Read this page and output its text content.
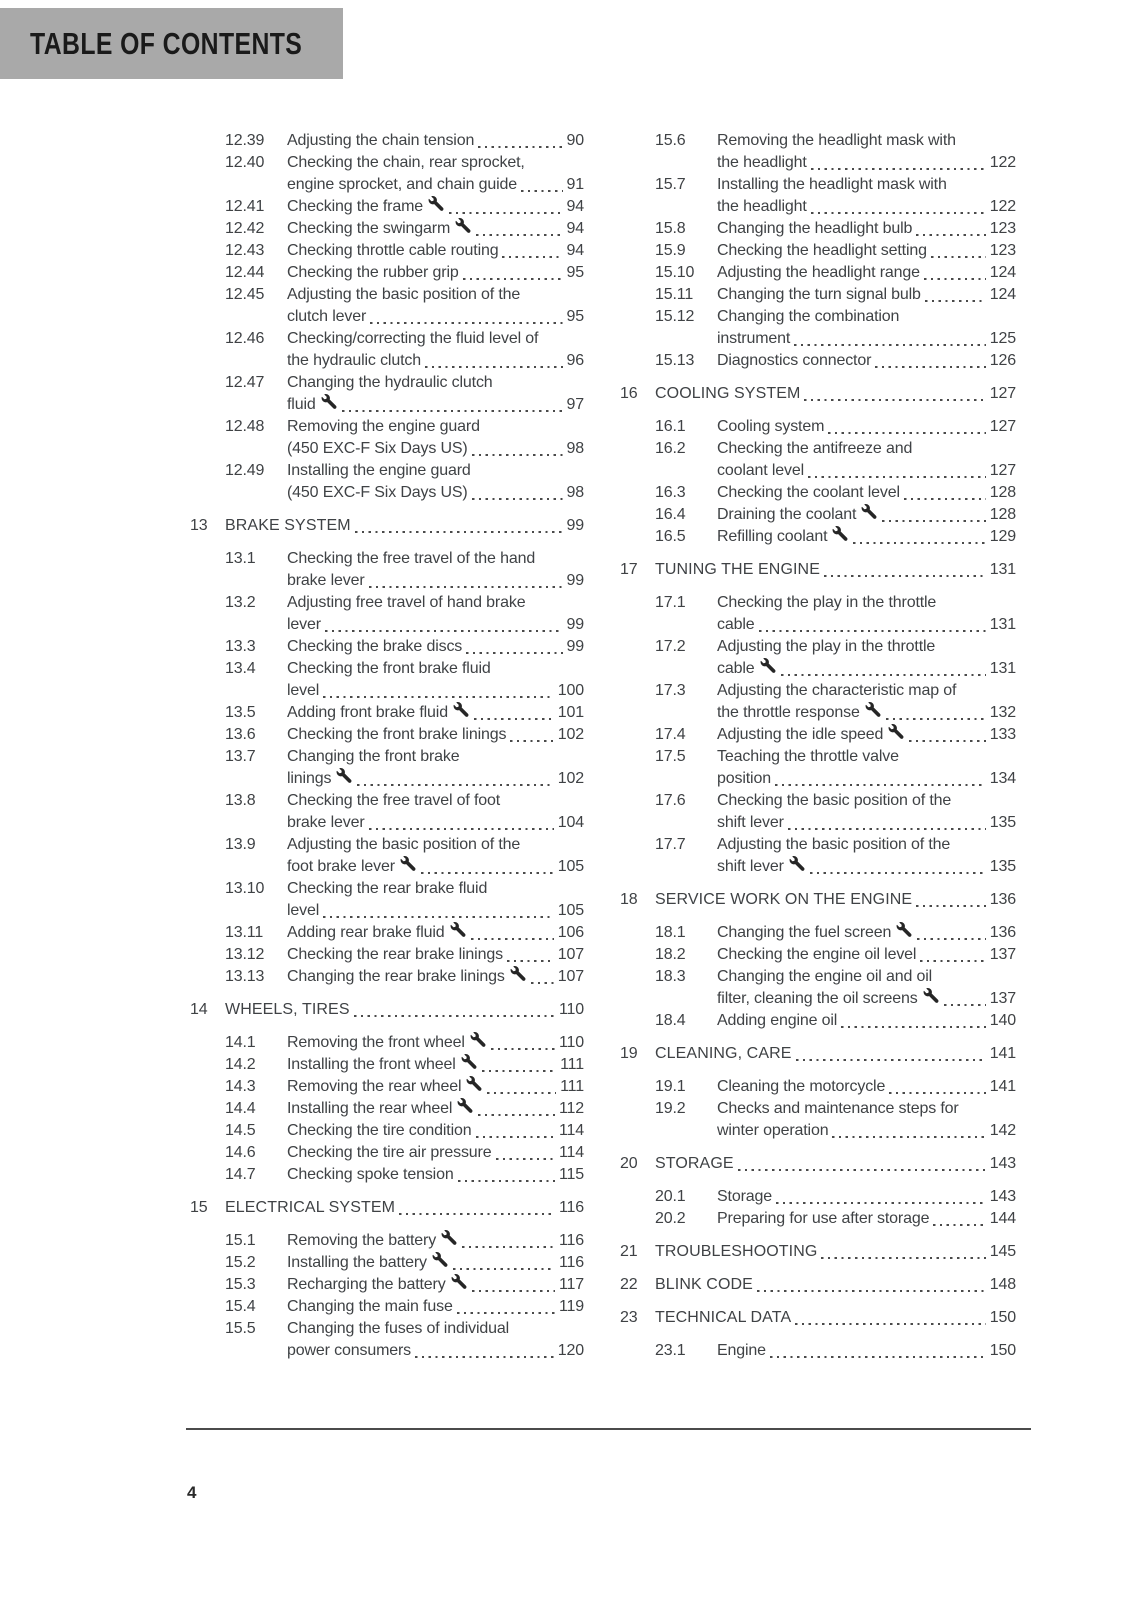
TABLE OF CONTENTS
12.39	Adjusting the chain tension	90
12.40	Checking the chain, rear sprocket,
engine sprocket, and chain guide	91
12.41	Checking the frame	94
12.42	Checking the swingarm	94
12.43	Checking throttle cable routing	94
12.44	Checking the rubber grip	95
12.45	Adjusting the basic position of the
clutch lever	95
12.46	Checking/correcting the fluid level of
the hydraulic clutch	96
12.47	Changing the hydraulic clutch
fluid	97
12.48	Removing the engine guard
(450 EXC-F Six Days US)	98
12.49	Installing the engine guard
(450 EXC-F Six Days US)	98
13	BRAKE SYSTEM	99
13.1	Checking the free travel of the hand
brake lever	99
13.2	Adjusting free travel of hand brake
lever	99
13.3	Checking the brake discs	99
13.4	Checking the front brake fluid
level	100
13.5	Adding front brake fluid	101
13.6	Checking the front brake linings	102
13.7	Changing the front brake
linings	102
13.8	Checking the free travel of foot
brake lever	104
13.9	Adjusting the basic position of the
foot brake lever	105
13.10	Checking the rear brake fluid
level	105
13.11	Adding rear brake fluid	106
13.12	Checking the rear brake linings	107
13.13	Changing the rear brake linings	107
14	WHEELS, TIRES	110
14.1	Removing the front wheel	110
14.2	Installing the front wheel	111
14.3	Removing the rear wheel	111
14.4	Installing the rear wheel	112
14.5	Checking the tire condition	114
14.6	Checking the tire air pressure	114
14.7	Checking spoke tension	115
15	ELECTRICAL SYSTEM	116
15.1	Removing the battery	116
15.2	Installing the battery	116
15.3	Recharging the battery	117
15.4	Changing the main fuse	119
15.5	Changing the fuses of individual
power consumers	120
15.6	Removing the headlight mask with
the headlight	122
15.7	Installing the headlight mask with
the headlight	122
15.8	Changing the headlight bulb	123
15.9	Checking the headlight setting	123
15.10	Adjusting the headlight range	124
15.11	Changing the turn signal bulb	124
15.12	Changing the combination
instrument	125
15.13	Diagnostics connector	126
16	COOLING SYSTEM	127
16.1	Cooling system	127
16.2	Checking the antifreeze and
coolant level	127
16.3	Checking the coolant level	128
16.4	Draining the coolant	128
16.5	Refilling coolant	129
17	TUNING THE ENGINE	131
17.1	Checking the play in the throttle
cable	131
17.2	Adjusting the play in the throttle
cable	131
17.3	Adjusting the characteristic map of
the throttle response	132
17.4	Adjusting the idle speed	133
17.5	Teaching the throttle valve
position	134
17.6	Checking the basic position of the
shift lever	135
17.7	Adjusting the basic position of the
shift lever	135
18	SERVICE WORK ON THE ENGINE	136
18.1	Changing the fuel screen	136
18.2	Checking the engine oil level	137
18.3	Changing the engine oil and oil
filter, cleaning the oil screens	137
18.4	Adding engine oil	140
19	CLEANING, CARE	141
19.1	Cleaning the motorcycle	141
19.2	Checks and maintenance steps for
winter operation	142
20	STORAGE	143
20.1	Storage	143
20.2	Preparing for use after storage	144
21	TROUBLESHOOTING	145
22	BLINK CODE	148
23	TECHNICAL DATA	150
23.1	Engine	150
4
